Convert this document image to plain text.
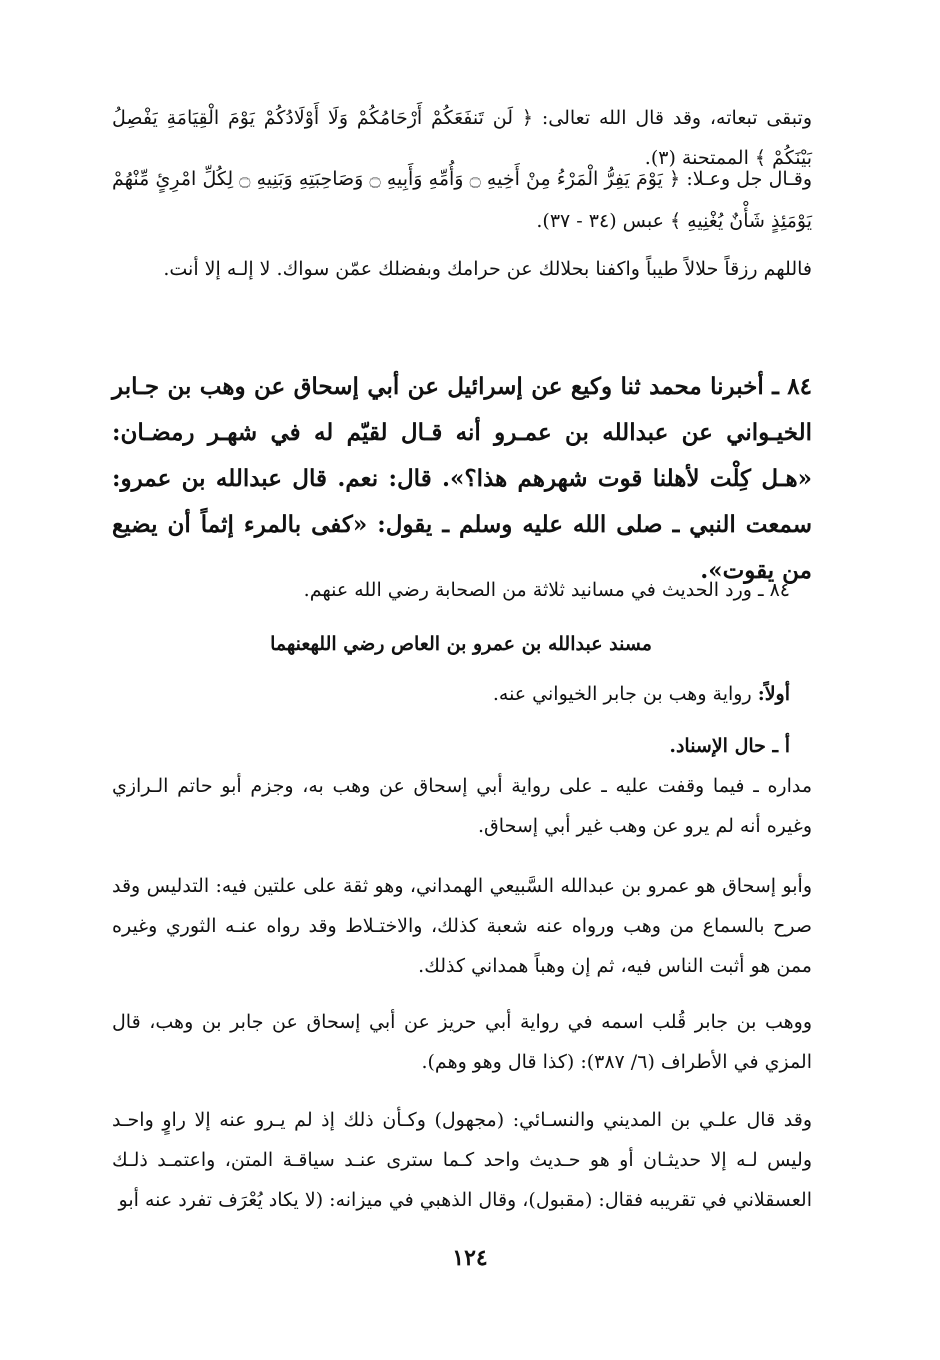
وتبقى تبعاته، وقد قال الله تعالى: ﴿ لَن تَنفَعَكُمْ أَرْحَامُكُمْ وَلَا أَوْلَادُكُمْ يَوْمَ الْقِيَامَةِ يَفْصِلُ بَيْنَكُمْ ﴾ الممتحنة (٣).

وقـال جل وعـلا: ﴿ يَوْمَ يَفِرُّ الْمَرْءُ مِنْ أَخِيهِ ۝ وَأُمِّهِ وَأَبِيهِ ۝ وَصَاحِبَتِهِ وَبَنِيهِ ۝ لِكُلِّ امْرِئٍ مِّنْهُمْ يَوْمَئِذٍ شَأْنٌ يُغْنِيهِ ﴾ عبس (٣٤ - ٣٧).

فاللهم رزقاً حلالاً طيباً واكفنا بحلالك عن حرامك وبفضلك عمّن سواك. لا إلـه إلا أنت.

٨٤ ـ أخبرنا محمد ثنا وكيع عن إسرائيل عن أبي إسحاق عن وهب بن جـابر الخيـواني عن عبدالله بن عمـرو أنه قـال لقيّم له في شهـر رمضـان: «هـل كِلْت لأهلنا قوت شهرهم هذا؟». قال: نعم. قال عبدالله بن عمرو: سمعت النبي ـ صلى الله عليه وسلم ـ يقول: «كفى بالمرء إثماً أن يضيع من يقوت».

٨٤ ـ ورد الحديث في مسانيد ثلاثة من الصحابة رضي الله عنهم.

مسند عبدالله بن عمرو بن العاص رضي اللهعنهما

أولاً: رواية وهب بن جابر الخيواني عنه.

أ ـ حال الإسناد.

مداره ـ فيما وقفت عليه ـ على رواية أبي إسحاق عن وهب به، وجزم أبو حاتم الـرازي وغيره أنه لم يرو عن وهب غير أبي إسحاق.

وأبو إسحاق هو عمرو بن عبدالله السَّبيعي الهمداني، وهو ثقة على علتين فيه: التدليس وقد صرح بالسماع من وهب ورواه عنه شعبة كذلك، والاختـلاط وقد رواه عنـه الثوري وغيره ممن هو أثبت الناس فيه، ثم إن وهباً همداني كذلك.

ووهب بن جابر قُلب اسمه في رواية أبي حريز عن أبي إسحاق عن جابر بن وهب، قال المزي في الأطراف (٦/ ٣٨٧): (كذا قال وهو وهم).

وقد قال علـي بن المديني والنسـائي: (مجهول) وكـأن ذلك إذ لم يـرو عنه إلا راوٍ واحـد وليس لـه إلا حديثـان أو هو حـديث واحد كـما سترى عنـد سياقـة المتن، واعتمـد ذلـك العسقلاني في تقريبه فقال: (مقبول)، وقال الذهبي في ميزانه: (لا يكاد يُعْرَف تفرد عنه أبو

١٢٤
